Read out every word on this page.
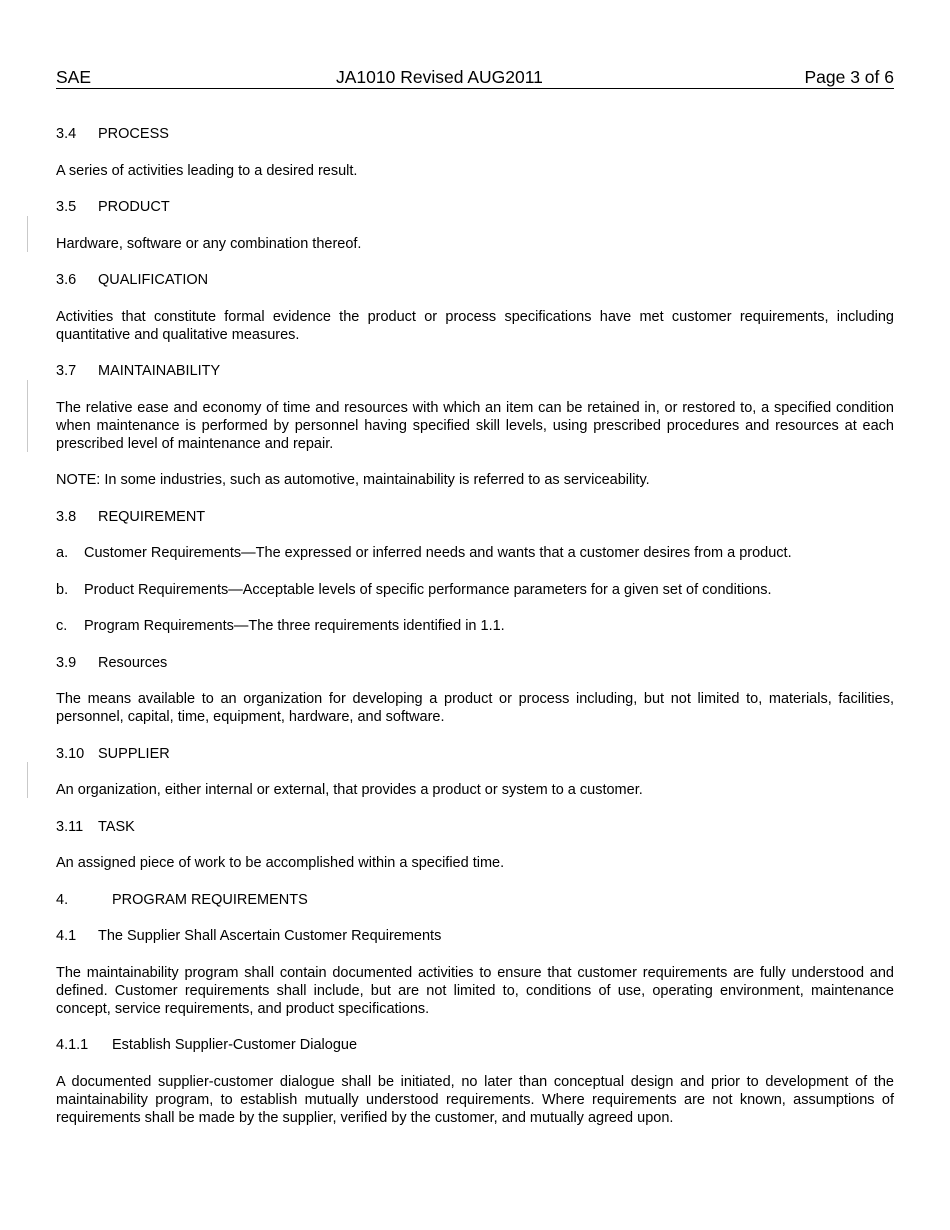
SAE	JA1010 Revised AUG2011	Page 3 of 6
3.4 PROCESS
A series of activities leading to a desired result.
3.5 PRODUCT
Hardware, software or any combination thereof.
3.6 QUALIFICATION
Activities that constitute formal evidence the product or process specifications have met customer requirements, including quantitative and qualitative measures.
3.7 MAINTAINABILITY
The relative ease and economy of time and resources with which an item can be retained in, or restored to, a specified condition when maintenance is performed by personnel having specified skill levels, using prescribed procedures and resources at each prescribed level of maintenance and repair.
NOTE: In some industries, such as automotive, maintainability is referred to as serviceability.
3.8 REQUIREMENT
a. Customer Requirements—The expressed or inferred needs and wants that a customer desires from a product.
b. Product Requirements—Acceptable levels of specific performance parameters for a given set of conditions.
c. Program Requirements—The three requirements identified in 1.1.
3.9 Resources
The means available to an organization for developing a product or process including, but not limited to, materials, facilities, personnel, capital, time, equipment, hardware, and software.
3.10 SUPPLIER
An organization, either internal or external, that provides a product or system to a customer.
3.11 TASK
An assigned piece of work to be accomplished within a specified time.
4.	PROGRAM REQUIREMENTS
4.1 The Supplier Shall Ascertain Customer Requirements
The maintainability program shall contain documented activities to ensure that customer requirements are fully understood and defined. Customer requirements shall include, but are not limited to, conditions of use, operating environment, maintenance concept, service requirements, and product specifications.
4.1.1 Establish Supplier-Customer Dialogue
A documented supplier-customer dialogue shall be initiated, no later than conceptual design and prior to development of the maintainability program, to establish mutually understood requirements. Where requirements are not known, assumptions of requirements shall be made by the supplier, verified by the customer, and mutually agreed upon.
